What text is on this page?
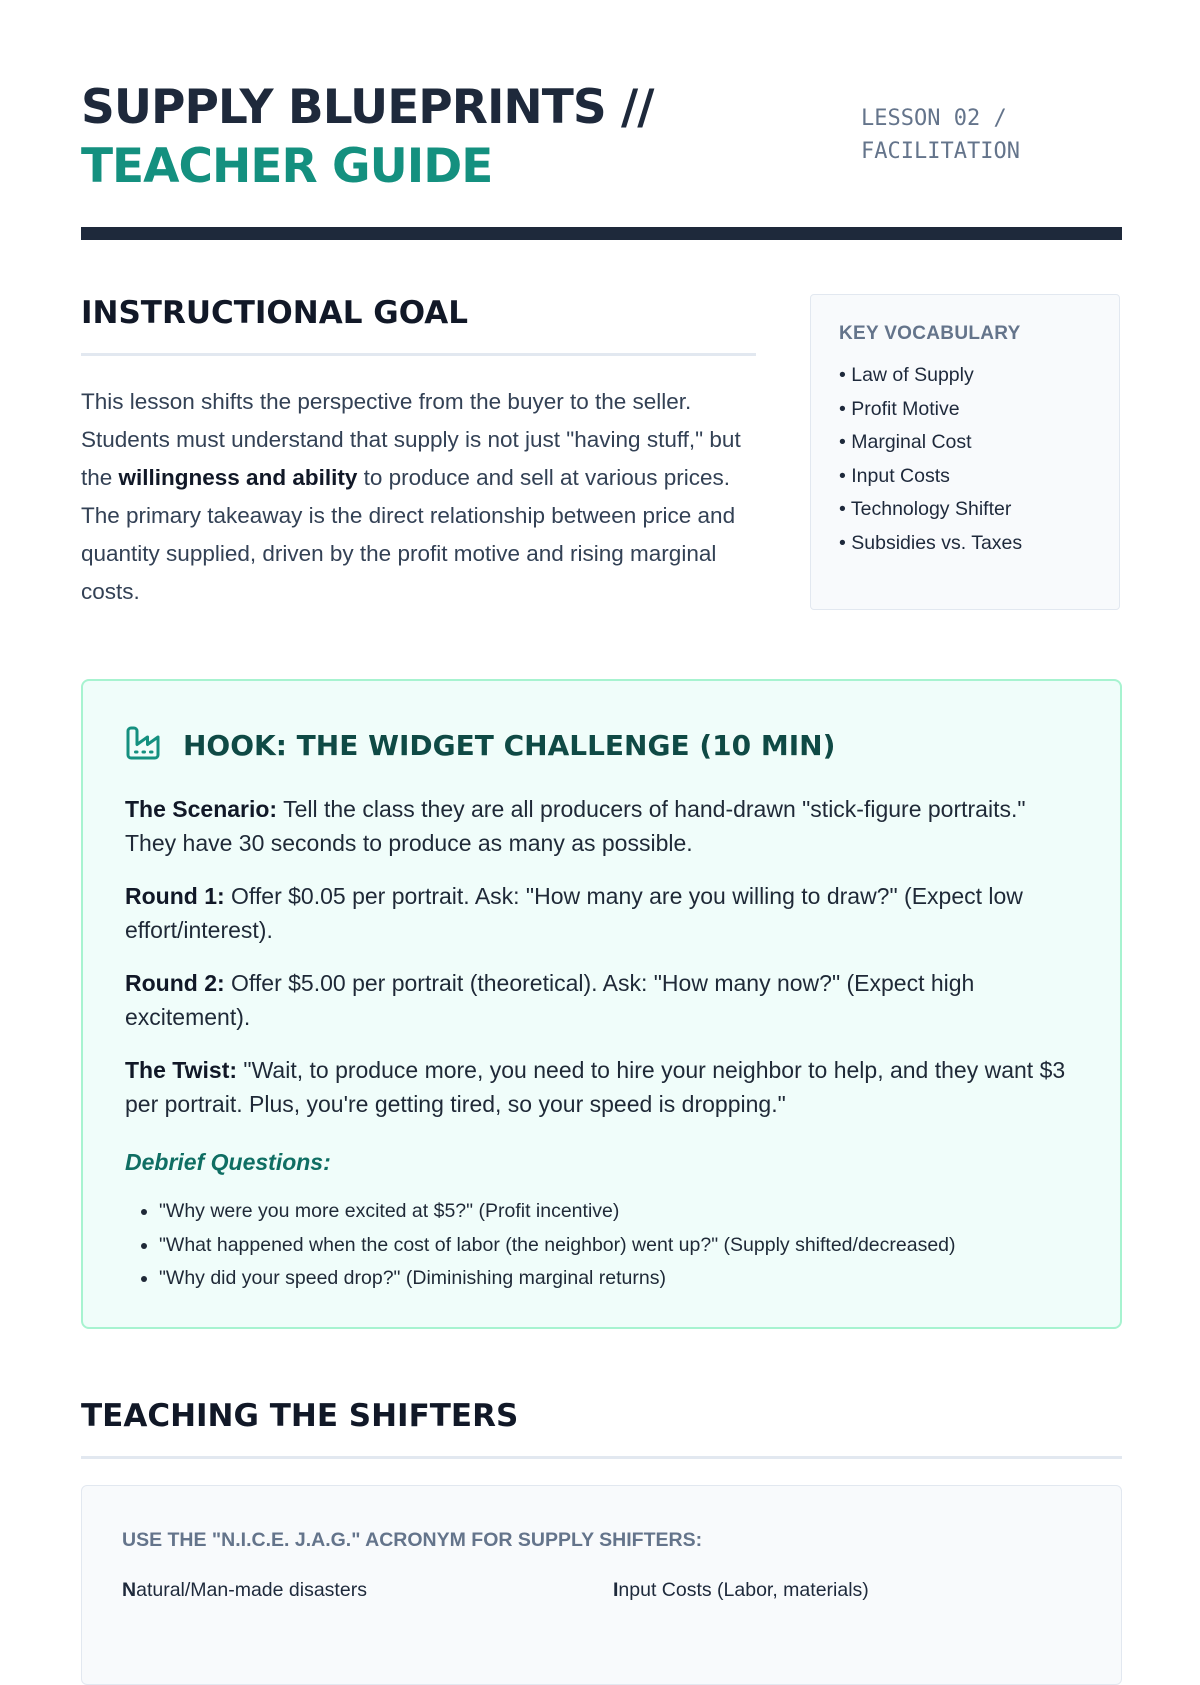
SUPPLY BLUEPRINTS //
TEACHER GUIDE
LESSON 02 / FACILITATION
INSTRUCTIONAL GOAL
This lesson shifts the perspective from the buyer to the seller. Students must understand that supply is not just "having stuff," but the willingness and ability to produce and sell at various prices. The primary takeaway is the direct relationship between price and quantity supplied, driven by the profit motive and rising marginal costs.
KEY VOCABULARY
• Law of Supply
• Profit Motive
• Marginal Cost
• Input Costs
• Technology Shifter
• Subsidies vs. Taxes
HOOK: THE WIDGET CHALLENGE (10 MIN)

The Scenario: Tell the class they are all producers of hand-drawn "stick-figure portraits." They have 30 seconds to produce as many as possible.

Round 1: Offer $0.05 per portrait. Ask: "How many are you willing to draw?" (Expect low effort/interest).

Round 2: Offer $5.00 per portrait (theoretical). Ask: "How many now?" (Expect high excitement).

The Twist: "Wait, to produce more, you need to hire your neighbor to help, and they want $3 per portrait. Plus, you're getting tired, so your speed is dropping."

Debrief Questions:

• "Why were you more excited at $5?" (Profit incentive)
• "What happened when the cost of labor (the neighbor) went up?" (Supply shifted/decreased)
• "Why did your speed drop?" (Diminishing marginal returns)
TEACHING THE SHIFTERS
USE THE "N.I.C.E. J.A.G." ACRONYM FOR SUPPLY SHIFTERS:
Natural/Man-made disasters	Input Costs (Labor, materials)
